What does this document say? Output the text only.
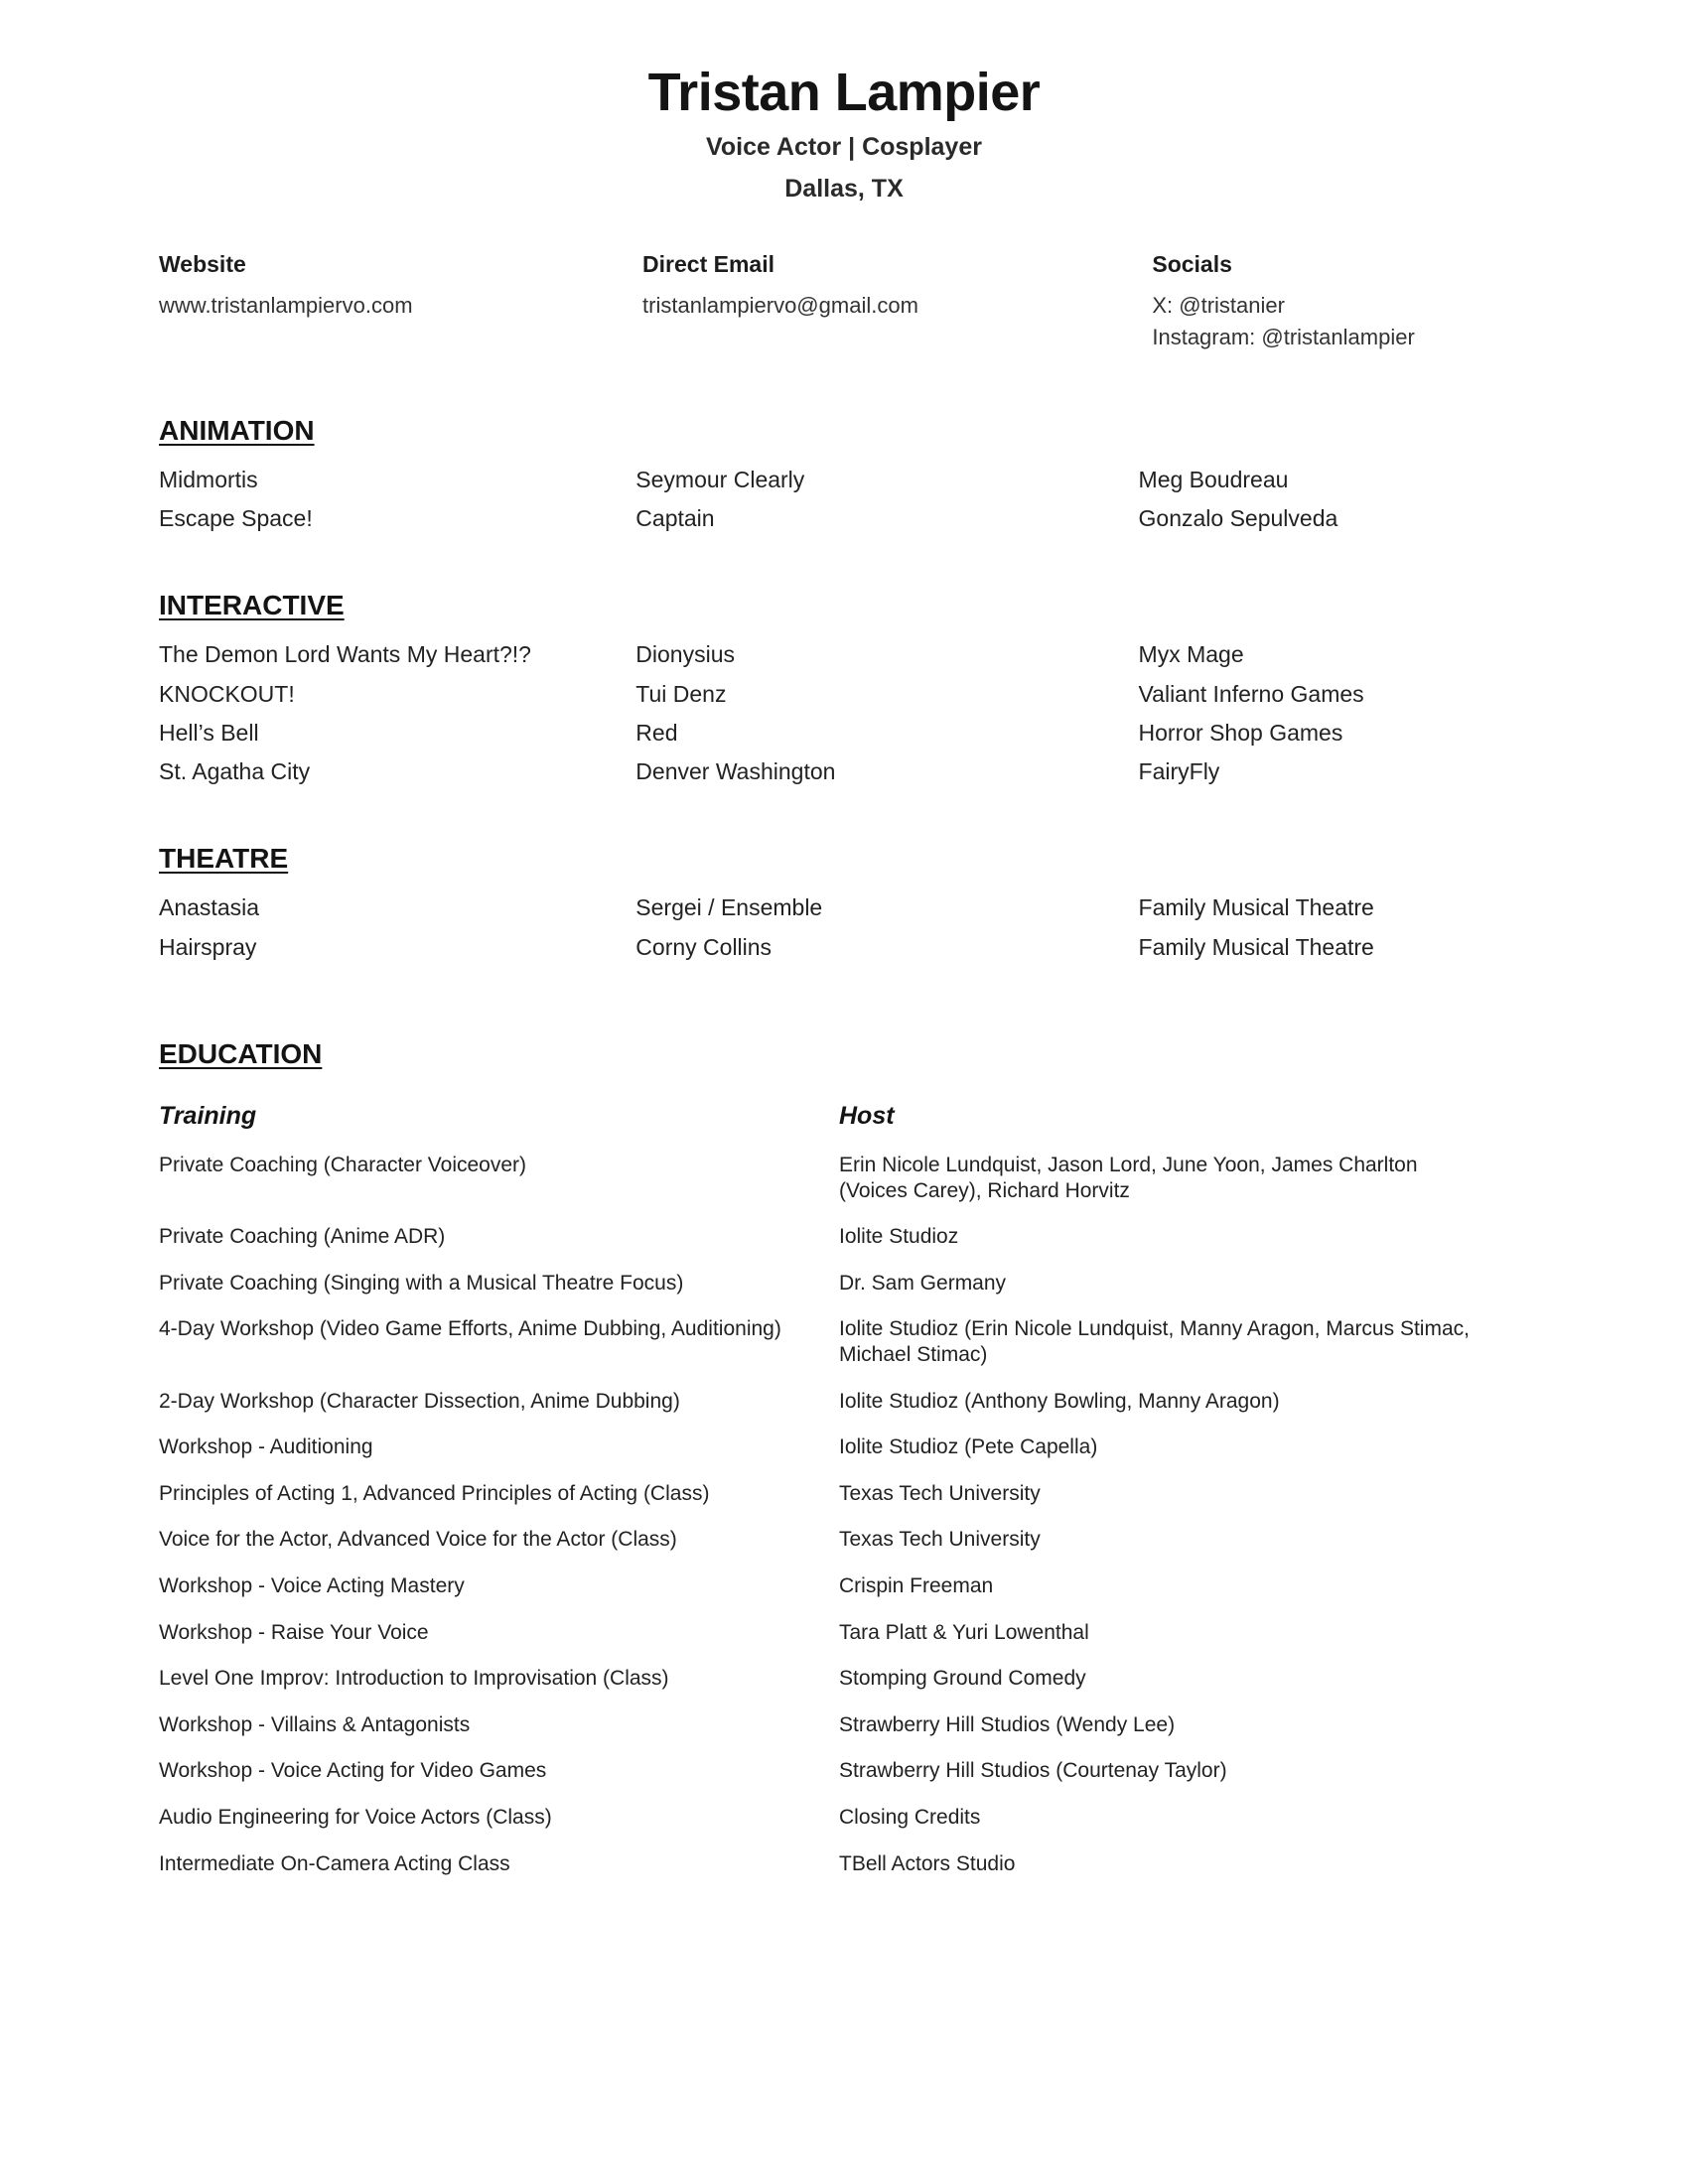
Tristan Lampier
Voice Actor | Cosplayer
Dallas, TX
Website
www.tristanlampiervo.com
Direct Email
tristanlampiervo@gmail.com
Socials
X: @tristanier
Instagram: @tristanlampier
ANIMATION
Midmortis	Seymour Clearly	Meg Boudreau
Escape Space!	Captain	Gonzalo Sepulveda
INTERACTIVE
The Demon Lord Wants My Heart?!?	Dionysius	Myx Mage
KNOCKOUT!	Tui Denz	Valiant Inferno Games
Hell’s Bell	Red	Horror Shop Games
St. Agatha City	Denver Washington	FairyFly
THEATRE
Anastasia	Sergei / Ensemble	Family Musical Theatre
Hairspray	Corny Collins	Family Musical Theatre
EDUCATION
Training	Host
Private Coaching (Character Voiceover)	Erin Nicole Lundquist, Jason Lord, June Yoon, James Charlton (Voices Carey), Richard Horvitz
Private Coaching (Anime ADR)	Iolite Studioz
Private Coaching (Singing with a Musical Theatre Focus)	Dr. Sam Germany
4-Day Workshop (Video Game Efforts, Anime Dubbing, Auditioning)	Iolite Studioz (Erin Nicole Lundquist, Manny Aragon, Marcus Stimac, Michael Stimac)
2-Day Workshop (Character Dissection, Anime Dubbing)	Iolite Studioz (Anthony Bowling, Manny Aragon)
Workshop - Auditioning	Iolite Studioz (Pete Capella)
Principles of Acting 1, Advanced Principles of Acting (Class)	Texas Tech University
Voice for the Actor, Advanced Voice for the Actor (Class)	Texas Tech University
Workshop - Voice Acting Mastery	Crispin Freeman
Workshop - Raise Your Voice	Tara Platt & Yuri Lowenthal
Level One Improv: Introduction to Improvisation (Class)	Stomping Ground Comedy
Workshop - Villains & Antagonists	Strawberry Hill Studios (Wendy Lee)
Workshop - Voice Acting for Video Games	Strawberry Hill Studios (Courtenay Taylor)
Audio Engineering for Voice Actors (Class)	Closing Credits
Intermediate On-Camera Acting Class	TBell Actors Studio
